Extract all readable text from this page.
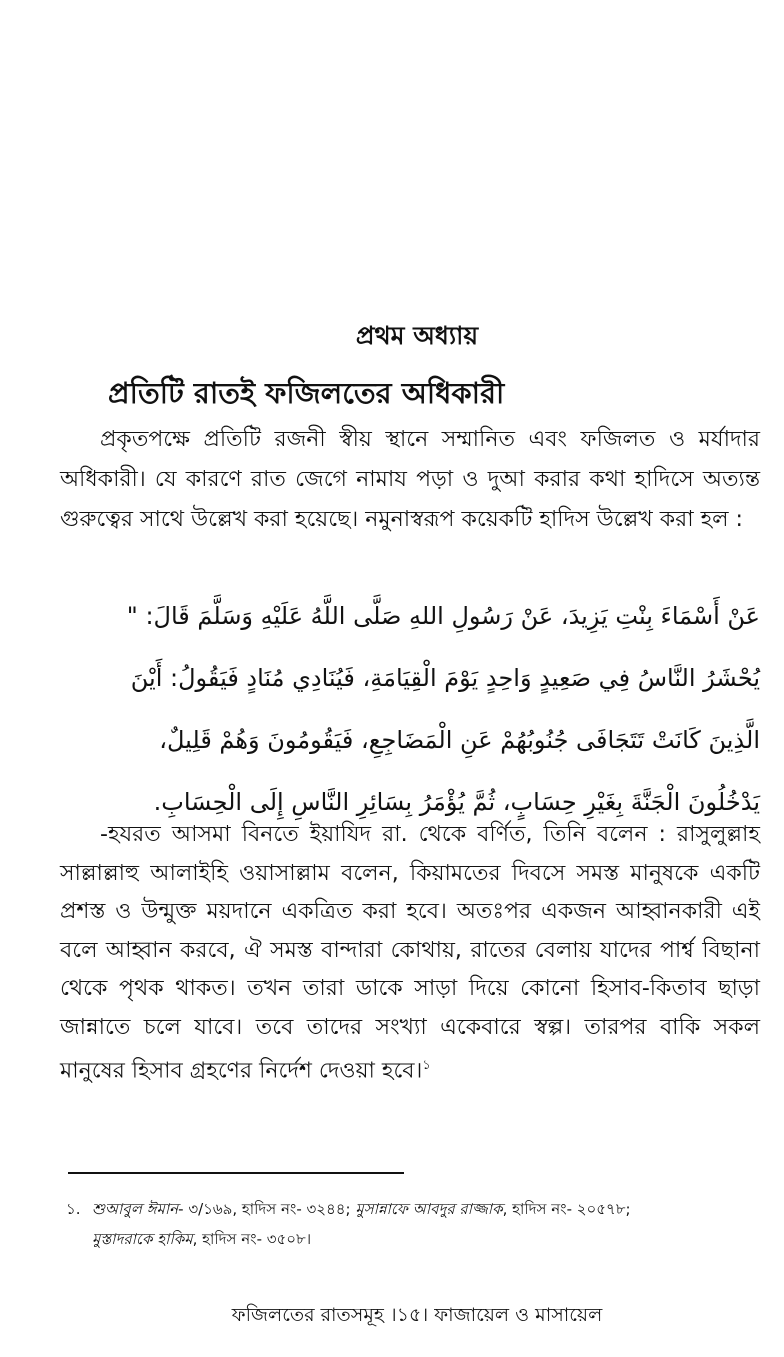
প্রথম অধ্যায়
প্রতিটি রাতই ফজিলতের অধিকারী
প্রকৃতপক্ষে প্রতিটি রজনী স্বীয় স্থানে সম্মানিত এবং ফজিলত ও মর্যাদার অধিকারী। যে কারণে রাত জেগে নামায পড়া ও দুআ করার কথা হাদিসে অত্যন্ত গুরুত্বের সাথে উল্লেখ করা হয়েছে। নমুনাস্বরূপ কয়েকটি হাদিস উল্লেখ করা হল :

عَنْ أَسْمَاءَ بِنْتِ يَزِيدَ، عَنْ رَسُولِ اللهِ صَلَّى اللَّهُ عَلَيْهِ وَسَلَّمَ قَالَ: "

يُحْشَرُ النَّاسُ فِي صَعِيدٍ وَاحِدٍ يَوْمَ الْقِيَامَةِ، فَيُنَادِي مُنَادٍ فَيَقُولُ: أَيْنَ

الَّذِينَ كَانَتْ تَتَجَافَى جُنُوبُهُمْ عَنِ الْمَضَاجِعِ، فَيَقُومُونَ وَهُمْ قَلِيلٌ،

يَدْخُلُونَ الْجَنَّةَ بِغَيْرِ حِسَابٍ، ثُمَّ يُؤْمَرُ بِسَائِرِ النَّاسِ إِلَى الْحِسَابِ.

-হযরত আসমা বিনতে ইয়াযিদ রা. থেকে বর্ণিত, তিনি বলেন : রাসুলুল্লাহ সাল্লাল্লাহু আলাইহি ওয়াসাল্লাম বলেন, কিয়ামতের দিবসে সমস্ত মানুষকে একটি প্রশস্ত ও উন্মুক্ত ময়দানে একত্রিত করা হবে। অতঃপর একজন আহ্বানকারী এই বলে আহ্বান করবে, ঐ সমস্ত বান্দারা কোথায়, রাতের বেলায় যাদের পার্শ্ব বিছানা থেকে পৃথক থাকত। তখন তারা ডাকে সাড়া দিয়ে কোনো হিসাব-কিতাব ছাড়া জান্নাতে চলে যাবে। তবে তাদের সংখ্যা একেবারে স্বল্প। তারপর বাকি সকল মানুষের হিসাব গ্রহণের নির্দেশ দেওয়া হবে।$^১$
১. শুআবুল ঈমান- ৩/১৬৯, হাদিস নং- ৩২৪৪; মুসান্নাফে আবদুর রাজ্জাক, হাদিস নং- ২০৫৭৮;
মুস্তাদরাকে হাকিম, হাদিস নং- ৩৫০৮।
ফজিলতের রাতসমূহ ।১৫। ফাজায়েল ও মাসায়েল
